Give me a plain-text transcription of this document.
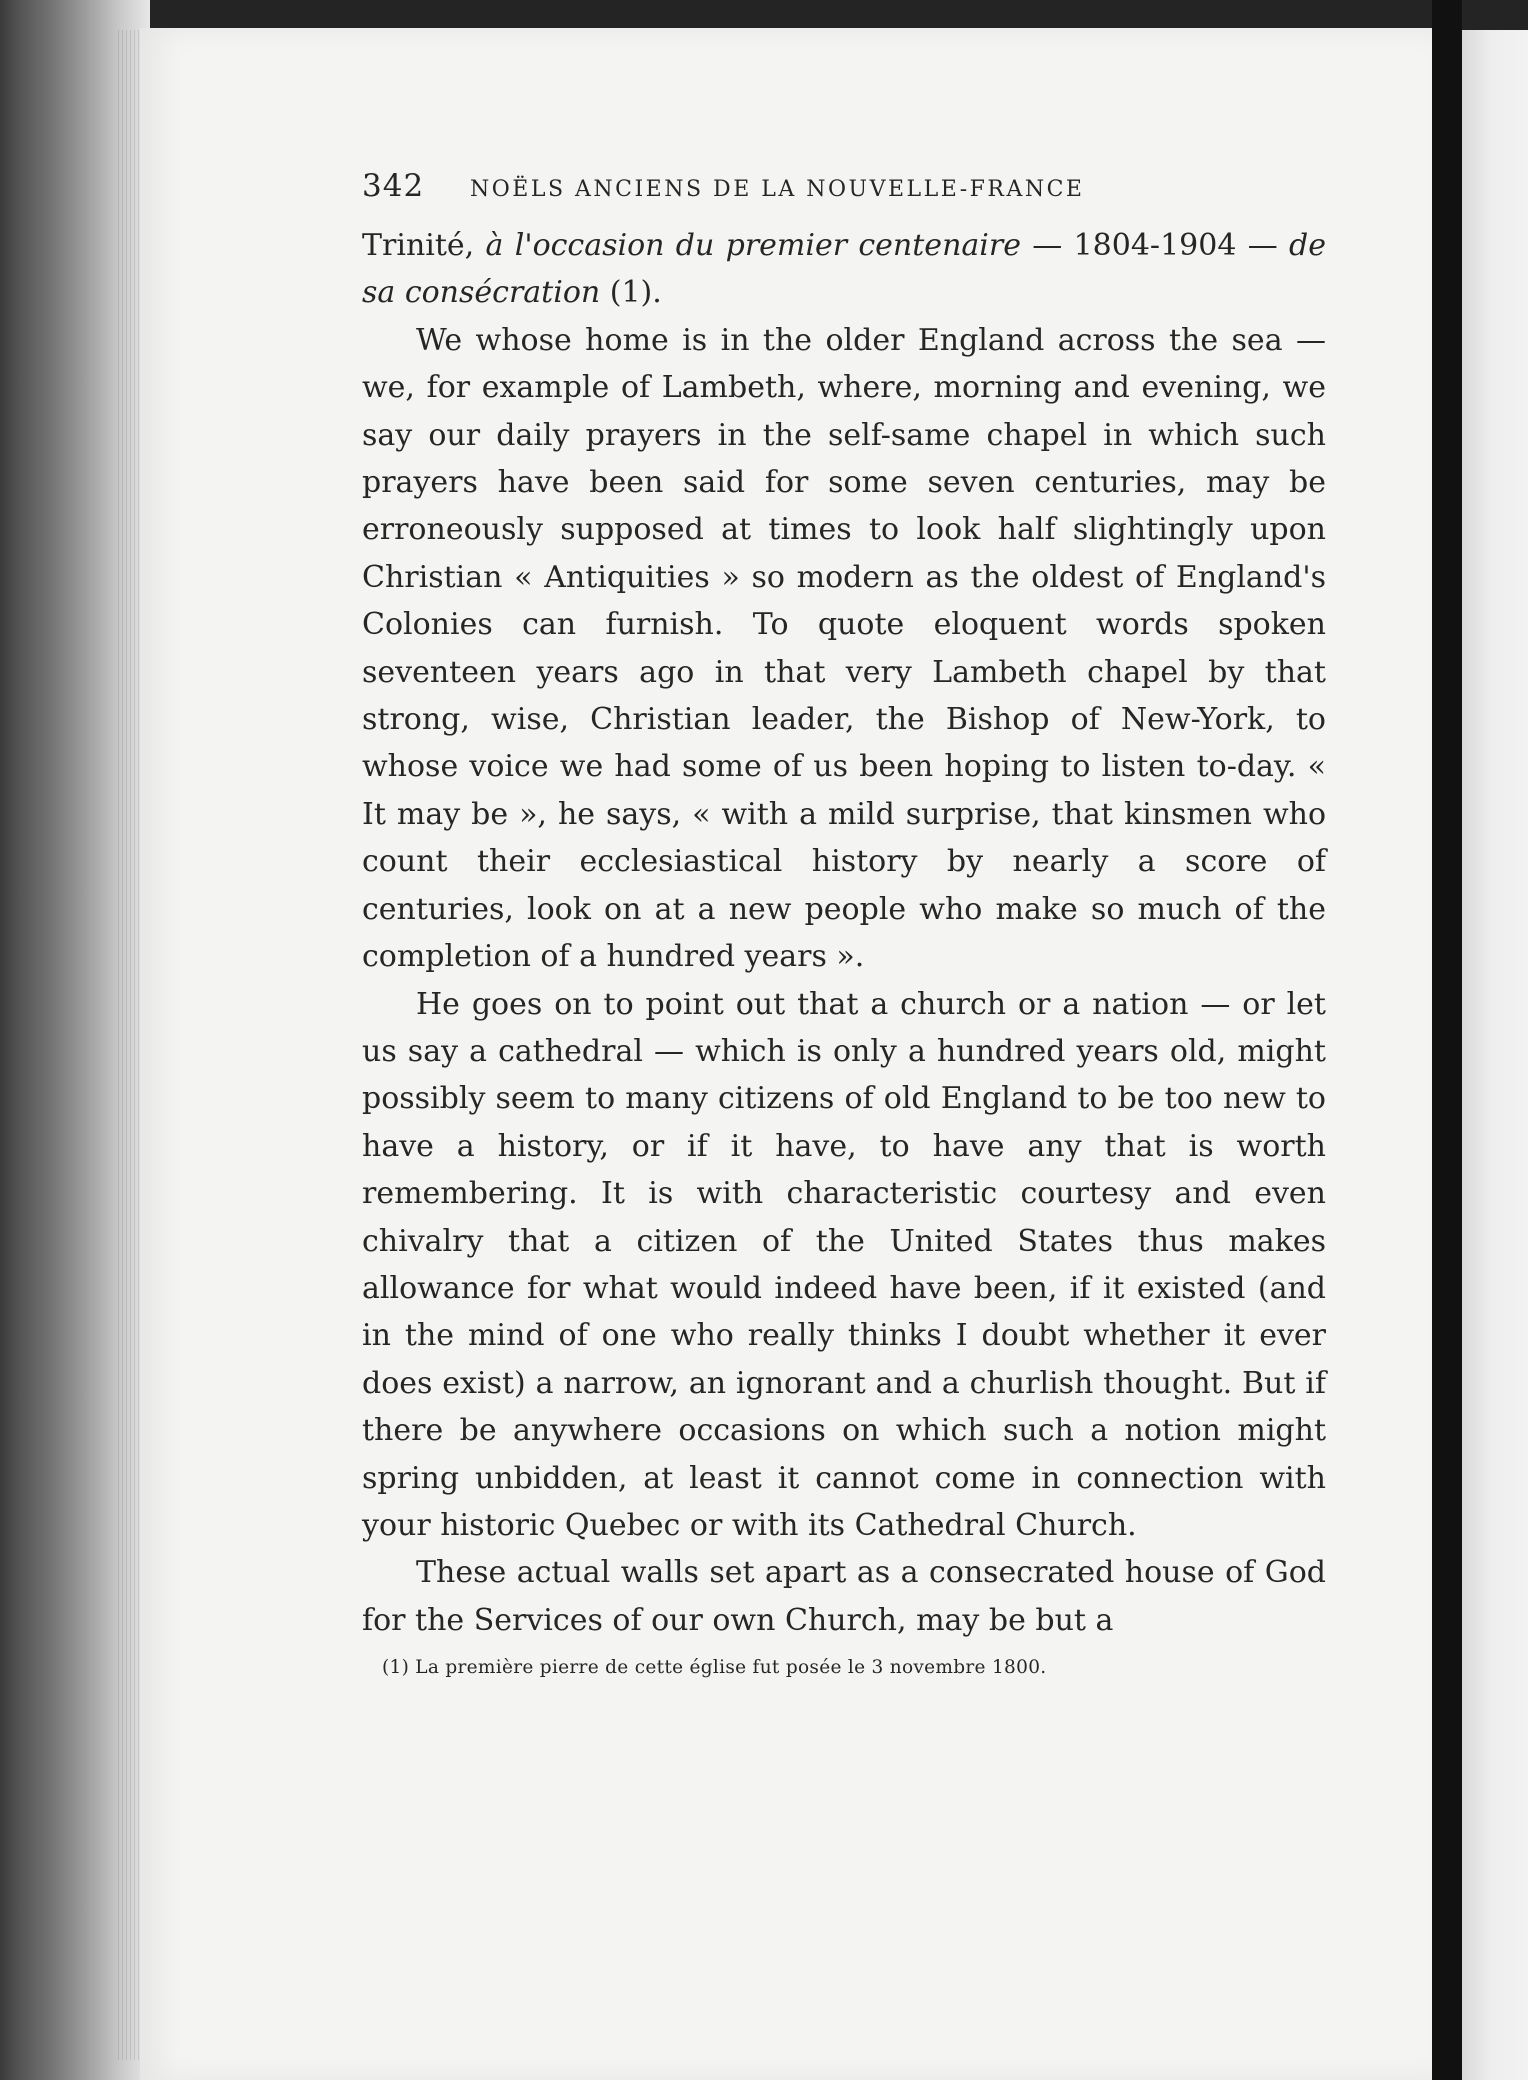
342	NOËLS ANCIENS DE LA NOUVELLE-FRANCE

Trinité, à l'occasion du premier centenaire — 1804-1904 — de sa consécration (1).

We whose home is in the older England across the sea — we, for example of Lambeth, where, morning and evening, we say our daily prayers in the self-same chapel in which such prayers have been said for some seven centuries, may be erroneously supposed at times to look half slightingly upon Christian « Antiquities » so modern as the oldest of England's Colonies can furnish. To quote eloquent words spoken seventeen years ago in that very Lambeth chapel by that strong, wise, Christian leader, the Bishop of New-York, to whose voice we had some of us been hoping to listen to-day. « It may be », he says, « with a mild surprise, that kinsmen who count their ecclesiastical history by nearly a score of centuries, look on at a new people who make so much of the completion of a hundred years ».

He goes on to point out that a church or a nation — or let us say a cathedral — which is only a hundred years old, might possibly seem to many citizens of old England to be too new to have a history, or if it have, to have any that is worth remembering. It is with characteristic courtesy and even chivalry that a citizen of the United States thus makes allowance for what would indeed have been, if it existed (and in the mind of one who really thinks I doubt whether it ever does exist) a narrow, an ignorant and a churlish thought. But if there be anywhere occasions on which such a notion might spring unbidden, at least it cannot come in connection with your historic Quebec or with its Cathedral Church.

These actual walls set apart as a consecrated house of God for the Services of our own Church, may be but a

(1) La première pierre de cette église fut posée le 3 novembre 1800.
